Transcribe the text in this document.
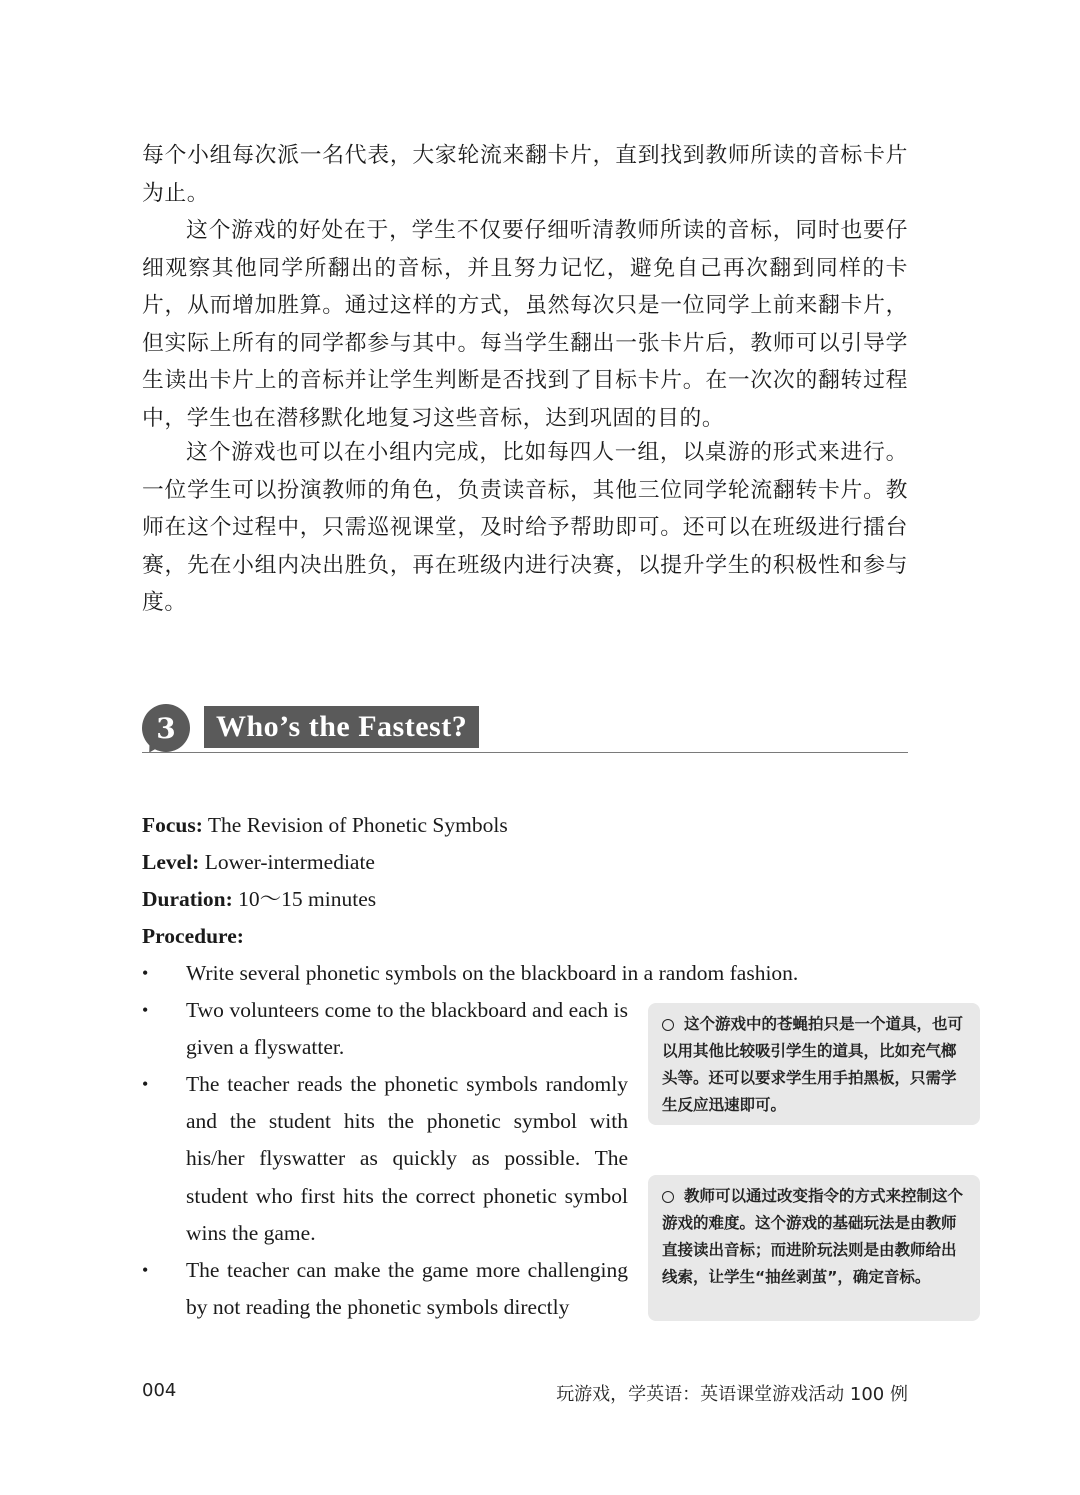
每个小组每次派一名代表，大家轮流来翻卡片，直到找到教师所读的音标卡片为止。

这个游戏的好处在于，学生不仅要仔细听清教师所读的音标，同时也要仔细观察其他同学所翻出的音标，并且努力记忆，避免自己再次翻到同样的卡片，从而增加胜算。通过这样的方式，虽然每次只是一位同学上前来翻卡片，但实际上所有的同学都参与其中。每当学生翻出一张卡片后，教师可以引导学生读出卡片上的音标并让学生判断是否找到了目标卡片。在一次次的翻转过程中，学生也在潜移默化地复习这些音标，达到巩固的目的。

这个游戏也可以在小组内完成，比如每四人一组，以桌游的形式来进行。一位学生可以扮演教师的角色，负责读音标，其他三位同学轮流翻转卡片。教师在这个过程中，只需巡视课堂，及时给予帮助即可。还可以在班级进行擂台赛，先在小组内决出胜负，再在班级内进行决赛，以提升学生的积极性和参与度。

3	Who’s the Fastest?
Focus: The Revision of Phonetic Symbols
Level: Lower-intermediate
Duration: 10～15 minutes
Procedure:
•	Write several phonetic symbols on the blackboard in a random fashion.

•	Two volunteers come to the blackboard and each is given a flyswatter.

•	The teacher reads the phonetic symbols randomly and the student hits the phonetic symbol with his/her flyswatter as quickly as possible. The student who first hits the correct phonetic symbol wins the game.

•	The teacher can make the game more challenging by not reading the phonetic symbols directly

这个游戏中的苍蝇拍只是一个道具，也可以用其他比较吸引学生的道具，比如充气榔头等。还可以要求学生用手拍黑板，只需学生反应迅速即可。
教师可以通过改变指令的方式来控制这个游戏的难度。这个游戏的基础玩法是由教师直接读出音标；而进阶玩法则是由教师给出线索，让学生“抽丝剥茧”，确定音标。
004	玩游戏，学英语：英语课堂游戏活动 100 例
